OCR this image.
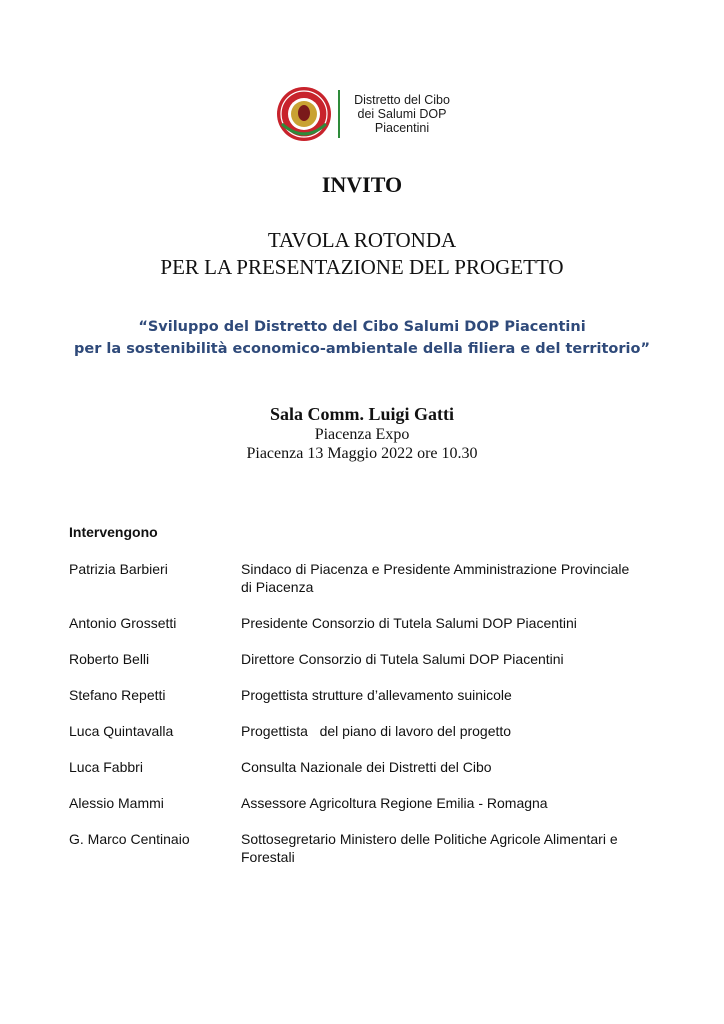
Distretto del Cibo
dei Salumi DOP
Piacentini
INVITO
TAVOLA ROTONDA
PER LA PRESENTAZIONE DEL PROGETTO
“Sviluppo del Distretto del Cibo Salumi DOP Piacentini
per la sostenibilità economico-ambientale della filiera e del territorio”
Sala Comm. Luigi Gatti
Piacenza Expo
Piacenza 13 Maggio 2022 ore 10.30
Intervengono
Patrizia Barbieri	Sindaco di Piacenza e Presidente Amministrazione Provinciale di Piacenza
Antonio Grossetti	Presidente Consorzio di Tutela Salumi DOP Piacentini
Roberto Belli	Direttore Consorzio di Tutela Salumi DOP Piacentini
Stefano Repetti	Progettista strutture d’allevamento suinicole
Luca Quintavalla	Progettista   del piano di lavoro del progetto
Luca Fabbri	Consulta Nazionale dei Distretti del Cibo
Alessio Mammi	Assessore Agricoltura Regione Emilia - Romagna
G. Marco Centinaio	Sottosegretario Ministero delle Politiche Agricole Alimentari e Forestali
